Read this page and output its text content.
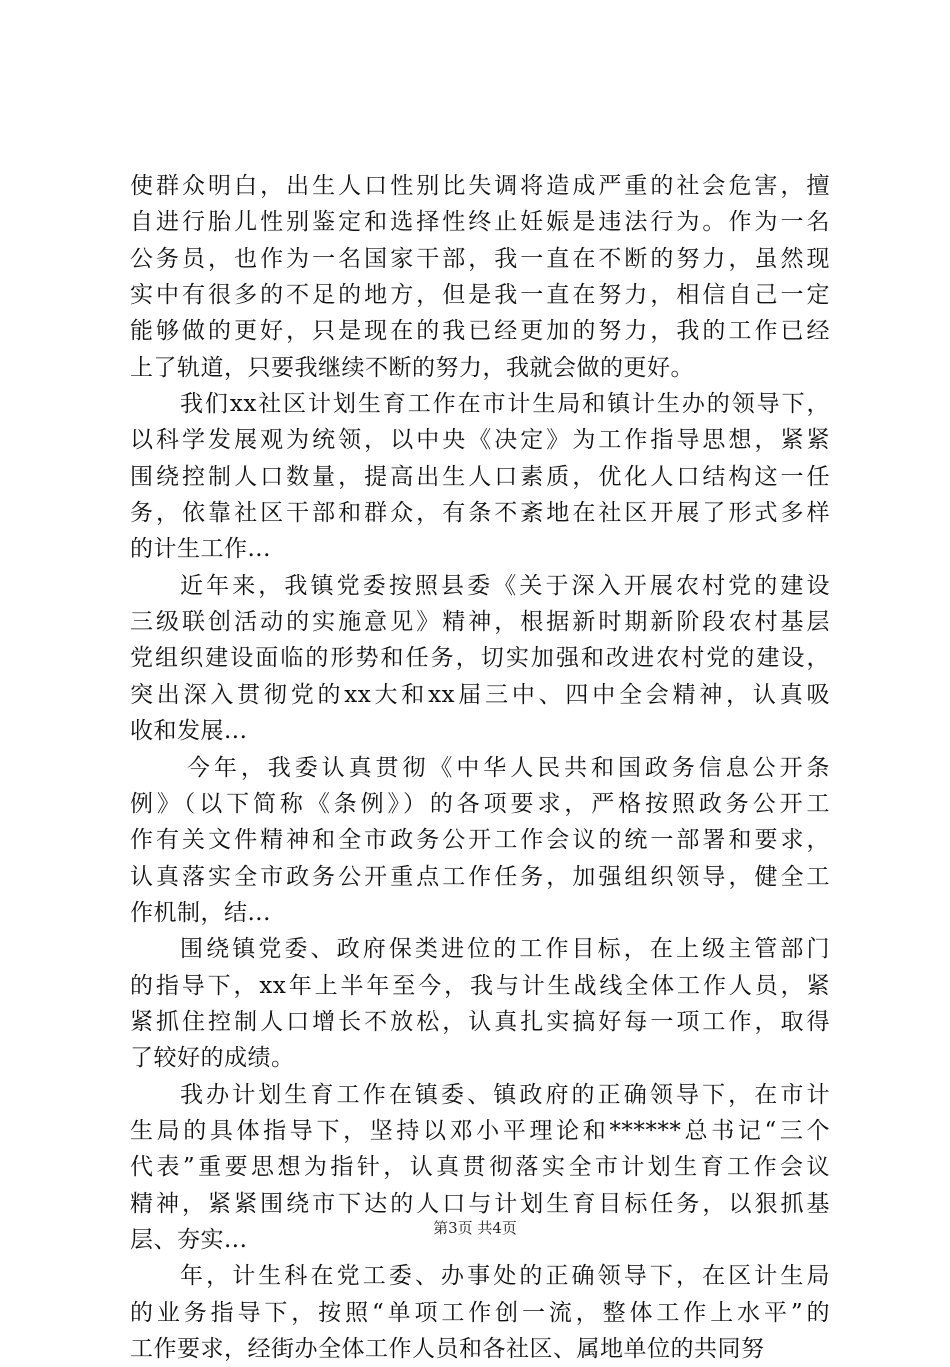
使群众明白，出生人口性别比失调将造成严重的社会危害，擅
自进行胎儿性别鉴定和选择性终止妊娠是违法行为。作为一名
公务员，也作为一名国家干部，我一直在不断的努力，虽然现
实中有很多的不足的地方，但是我一直在努力，相信自己一定
能够做的更好，只是现在的我已经更加的努力，我的工作已经
上了轨道，只要我继续不断的努力，我就会做的更好。
我们xx社区计划生育工作在市计生局和镇计生办的领导下，
以科学发展观为统领，以中央《决定》为工作指导思想，紧紧
围绕控制人口数量，提高出生人口素质，优化人口结构这一任
务，依靠社区干部和群众，有条不紊地在社区开展了形式多样
的计生工作...
近年来，我镇党委按照县委《关于深入开展农村党的建设
三级联创活动的实施意见》精神，根据新时期新阶段农村基层
党组织建设面临的形势和任务，切实加强和改进农村党的建设，
突出深入贯彻党的xx大和xx届三中、四中全会精神，认真吸
收和发展...
今年，我委认真贯彻《中华人民共和国政务信息公开条
例》（以下简称《条例》）的各项要求，严格按照政务公开工
作有关文件精神和全市政务公开工作会议的统一部署和要求，
认真落实全市政务公开重点工作任务，加强组织领导，健全工
作机制，结...
围绕镇党委、政府保类进位的工作目标，在上级主管部门
的指导下，xx年上半年至今，我与计生战线全体工作人员，紧
紧抓住控制人口增长不放松，认真扎实搞好每一项工作，取得
了较好的成绩。
我办计划生育工作在镇委、镇政府的正确领导下，在市计
生局的具体指导下，坚持以邓小平理论和******总书记“三个
代表”重要思想为指针，认真贯彻落实全市计划生育工作会议
精神，紧紧围绕市下达的人口与计划生育目标任务，以狠抓基
层、夯实...
年，计生科在党工委、办事处的正确领导下，在区计生局
的业务指导下，按照“单项工作创一流，整体工作上水平”的
工作要求，经街办全体工作人员和各社区、属地单位的共同努
第3页 共4页
